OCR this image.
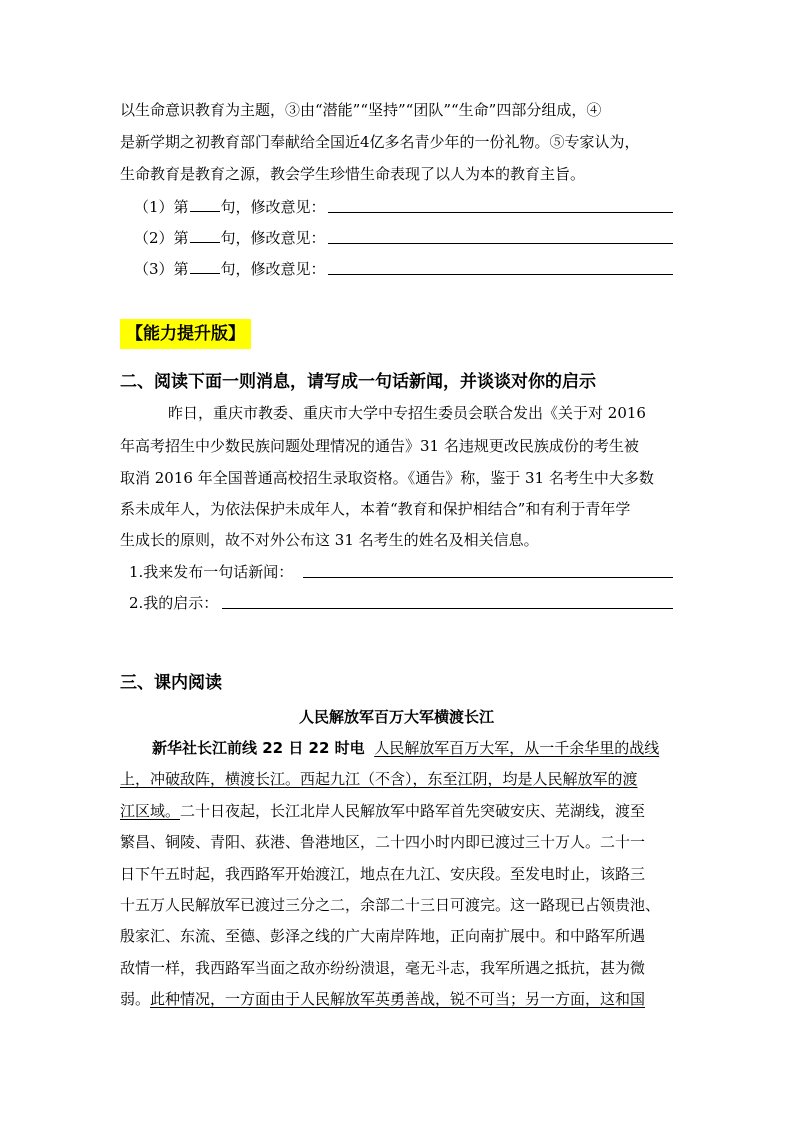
以生命意识教育为主题，③由“潜能”“坚持”“团队”“生命”四部分组成，④
是新学期之初教育部门奉献给全国近4亿多名青少年的一份礼物。⑤专家认为，
生命教育是教育之源，教会学生珍惜生命表现了以人为本的教育主旨。
（1）第 句，修改意见：
（2）第 句，修改意见：
（3）第 句，修改意见：
【能力提升版】
二、阅读下面一则消息，请写成一句话新闻，并谈谈对你的启示
昨日，重庆市教委、重庆市大学中专招生委员会联合发出《关于对 2016
年高考招生中少数民族问题处理情况的通告》31 名违规更改民族成份的考生被
取消 2016 年全国普通高校招生录取资格。《通告》称，鉴于 31 名考生中大多数
系未成年人，为依法保护未成年人，本着“教育和保护相结合”和有利于青年学
生成长的原则，故不对外公布这 31 名考生的姓名及相关信息。
1.我来发布一句话新闻：
2.我的启示：
三、课内阅读
人民解放军百万大军横渡长江
新华社长江前线 22 日 22 时电 人民解放军百万大军，从一千余华里的战线
上，冲破敌阵，横渡长江。西起九江（不含），东至江阴，均是人民解放军的渡
江区域。二十日夜起，长江北岸人民解放军中路军首先突破安庆、芜湖线，渡至
繁昌、铜陵、青阳、荻港、鲁港地区，二十四小时内即已渡过三十万人。二十一
日下午五时起，我西路军开始渡江，地点在九江、安庆段。至发电时止，该路三
十五万人民解放军已渡过三分之二，余部二十三日可渡完。这一路现已占领贵池、
殷家汇、东流、至德、彭泽之线的广大南岸阵地，正向南扩展中。和中路军所遇
敌情一样，我西路军当面之敌亦纷纷溃退，毫无斗志，我军所遇之抵抗，甚为微
弱。此种情况，一方面由于人民解放军英勇善战，锐不可当；另一方面，这和国
